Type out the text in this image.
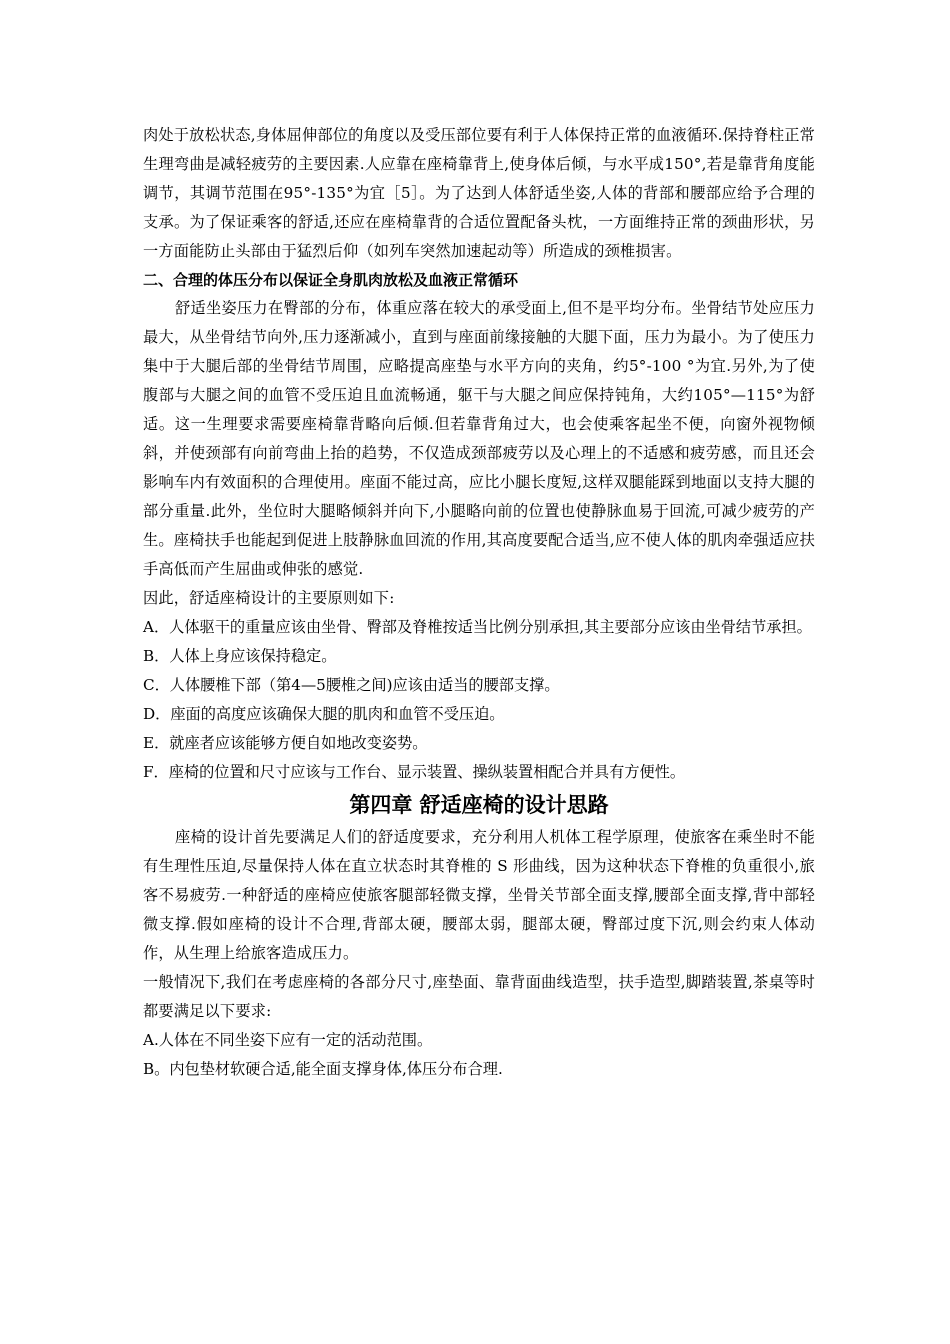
肉处于放松状态,身体屈伸部位的角度以及受压部位要有利于人体保持正常的血液循环.保持脊柱正常生理弯曲是减轻疲劳的主要因素.人应靠在座椅靠背上,使身体后倾，与水平成150°,若是靠背角度能调节，其调节范围在95°-135°为宜［5］。为了达到人体舒适坐姿,人体的背部和腰部应给予合理的支承。为了保证乘客的舒适,还应在座椅靠背的合适位置配备头枕，一方面维持正常的颈曲形状，另一方面能防止头部由于猛烈后仰（如列车突然加速起动等）所造成的颈椎损害。

二、合理的体压分布以保证全身肌肉放松及血液正常循环

舒适坐姿压力在臀部的分布，体重应落在较大的承受面上,但不是平均分布。坐骨结节处应压力最大，从坐骨结节向外,压力逐渐减小，直到与座面前缘接触的大腿下面，压力为最小。为了使压力集中于大腿后部的坐骨结节周围，应略提高座垫与水平方向的夹角，约5°-100 °为宜.另外,为了使腹部与大腿之间的血管不受压迫且血流畅通，躯干与大腿之间应保持钝角，大约105°—115°为舒适。这一生理要求需要座椅靠背略向后倾.但若靠背角过大，也会使乘客起坐不便，向窗外视物倾斜，并使颈部有向前弯曲上抬的趋势，不仅造成颈部疲劳以及心理上的不适感和疲劳感，而且还会影响车内有效面积的合理使用。座面不能过高，应比小腿长度短,这样双腿能踩到地面以支持大腿的部分重量.此外，坐位时大腿略倾斜并向下,小腿略向前的位置也使静脉血易于回流,可减少疲劳的产生。座椅扶手也能起到促进上肢静脉血回流的作用,其高度要配合适当,应不使人体的肌肉牵强适应扶手高低而产生屈曲或伸张的感觉.

因此，舒适座椅设计的主要原则如下:

A．人体驱干的重量应该由坐骨、臀部及脊椎按适当比例分别承担,其主要部分应该由坐骨结节承担。

B．人体上身应该保持稳定。

C．人体腰椎下部（第4—5腰椎之间)应该由适当的腰部支撑。

D．座面的高度应该确保大腿的肌肉和血管不受压迫。

E．就座者应该能够方便自如地改变姿势。

F．座椅的位置和尺寸应该与工作台、显示装置、操纵装置相配合并具有方便性。

第四章 舒适座椅的设计思路

座椅的设计首先要满足人们的舒适度要求，充分利用人机体工程学原理，使旅客在乘坐时不能有生理性压迫,尽量保持人体在直立状态时其脊椎的 S 形曲线，因为这种状态下脊椎的负重很小,旅客不易疲劳.一种舒适的座椅应使旅客腿部轻微支撑，坐骨关节部全面支撑,腰部全面支撑,背中部轻微支撑.假如座椅的设计不合理,背部太硬，腰部太弱，腿部太硬，臀部过度下沉,则会约束人体动作，从生理上给旅客造成压力。

一般情况下,我们在考虑座椅的各部分尺寸,座垫面、靠背面曲线造型，扶手造型,脚踏装置,茶桌等时都要满足以下要求:

A.人体在不同坐姿下应有一定的活动范围。

B。内包垫材软硬合适,能全面支撑身体,体压分布合理.
